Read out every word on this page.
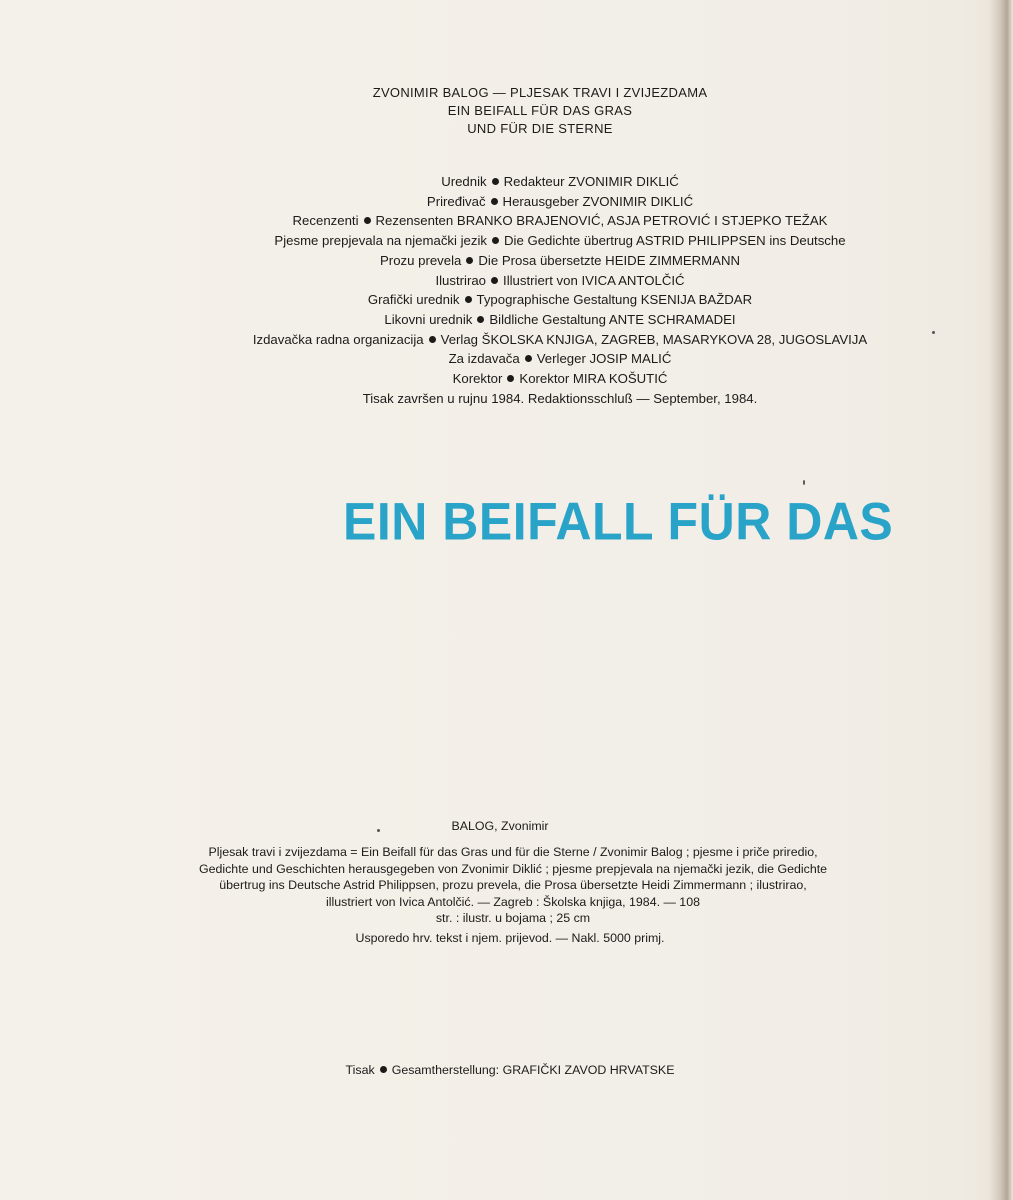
ZVONIMIR BALOG — PLJESAK TRAVI I ZVIJEZDAMA
EIN BEIFALL FÜR DAS GRAS
UND FÜR DIE STERNE
Urednik Redakteur ZVONIMIR DIKLIĆ
Priređivač Herausgeber ZVONIMIR DIKLIĆ
Recenzenti Rezensenten BRANKO BRAJENOVIĆ, ASJA PETROVIĆ I STJEPKO TEŽAK
Pjesme prepjevala na njemački jezik Die Gedichte übertrug ASTRID PHILIPPSEN ins Deutsche
Prozu prevela Die Prosa übersetzte HEIDE ZIMMERMANN
Ilustrirao Illustriert von IVICA ANTOLČIĆ
Grafički urednik Typographische Gestaltung KSENIJA BAŽDAR
Likovni urednik Bildliche Gestaltung ANTE SCHRAMADEI
Izdavačka radna organizacija Verlag ŠKOLSKA KNJIGA, ZAGREB, MASARYKOVA 28, JUGOSLAVIJA
Za izdavača Verleger JOSIP MALIĆ
Korektor Korektor MIRA KOŠUTIĆ
Tisak završen u rujnu 1984. Redaktionsschluß — September, 1984.
EIN BEIFALL FÜR DAS
BALOG, Zvonimir
Pljesak travi i zvijezdama = Ein Beifall für das Gras und für die Sterne / Zvonimir Balog ; pjesme i priče priredio,
Gedichte und Geschichten herausgegeben von Zvonimir Diklić ; pjesme prepjevala na njemački jezik, die Gedichte
übertrug ins Deutsche Astrid Philippsen, prozu prevela, die Prosa übersetzte Heidi Zimmermann ; ilustrirao,
illustriert von Ivica Antolčić. — Zagreb : Školska knjiga, 1984. — 108
str. : ilustr. u bojama ; 25 cm
Usporedo hrv. tekst i njem. prijevod. — Nakl. 5000 primj.
Tisak Gesamtherstellung: GRAFIČKI ZAVOD HRVATSKE
